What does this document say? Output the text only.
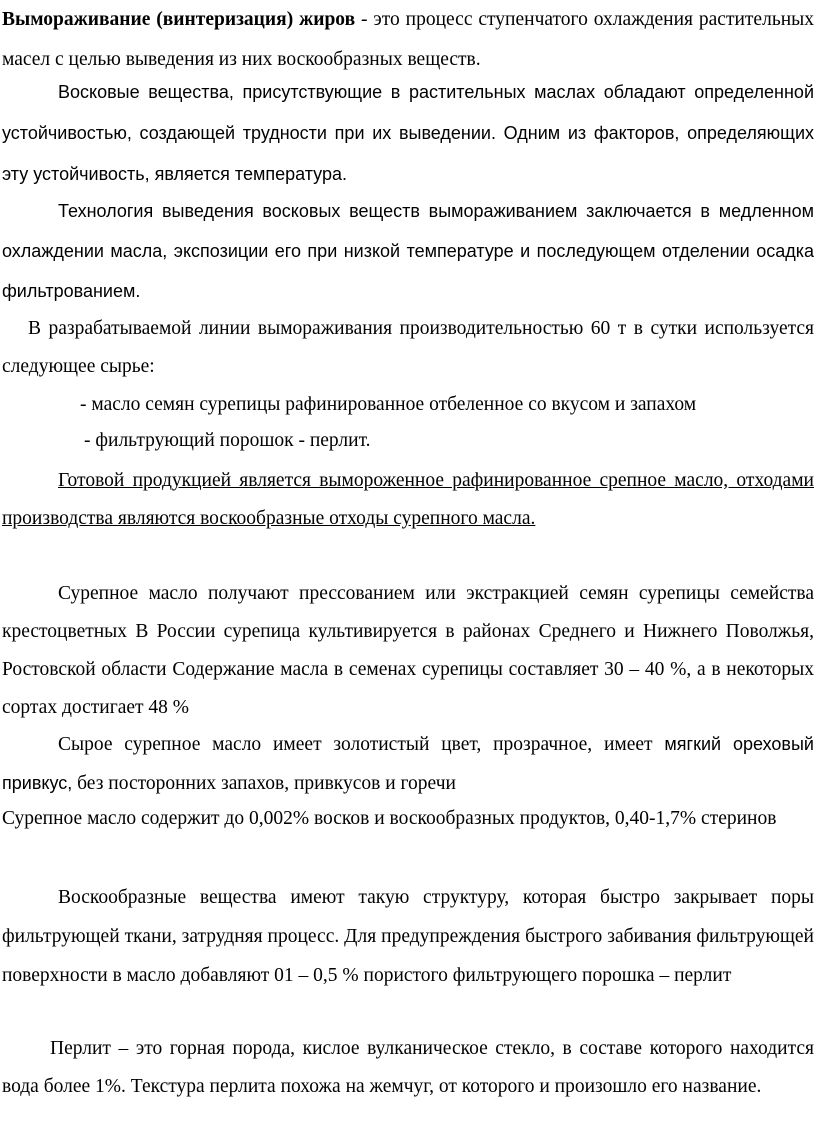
Вымораживание (винтеризация) жиров - это процесс ступенчатого охлаждения растительных масел с целью выведения из них воскообразных веществ.

Восковые вещества, присутствующие в растительных маслах обладают определенной устойчивостью, создающей трудности при их выведении. Одним из факторов, определяющих эту устойчивость, является температура.

Технология выведения восковых веществ вымораживанием заключается в медленном охлаждении масла, экспозиции его при низкой температуре и последующем отделении осадка фильтрованием.

В разрабатываемой линии вымораживания производительностью 60 т в сутки используется следующее сырье:

- масло семян сурепицы рафинированное отбеленное со вкусом и запахом
- фильтрующий порошок - перлит.

Готовой продукцией является вымороженное рафинированное срепное масло, отходами производства являются воскообразные отходы сурепного масла.

Сурепное масло получают прессованием или экстракцией семян сурепицы семейства крестоцветных В России сурепица культивируется в районах Среднего и Нижнего Поволжья, Ростовской области Содержание масла в семенах сурепицы составляет 30 – 40 %, а в некоторых сортах достигает 48 %

Сырое сурепное масло имеет золотистый цвет, прозрачное, имеет мягкий ореховый привкус, без посторонних запахов, привкусов и горечи

Сурепное масло содержит до 0,002% восков и воскообразных продуктов, 0,40-1,7% стеринов

Воскообразные вещества имеют такую структуру, которая быстро закрывает поры фильтрующей ткани, затрудняя процесс. Для предупреждения быстрого забивания фильтрующей поверхности в масло добавляют 01 – 0,5 % пористого фильтрующего порошка – перлит

Перлит – это горная порода, кислое вулканическое стекло, в составе которого находится вода более 1%. Текстура перлита похожа на жемчуг, от которого и произошло его название.
